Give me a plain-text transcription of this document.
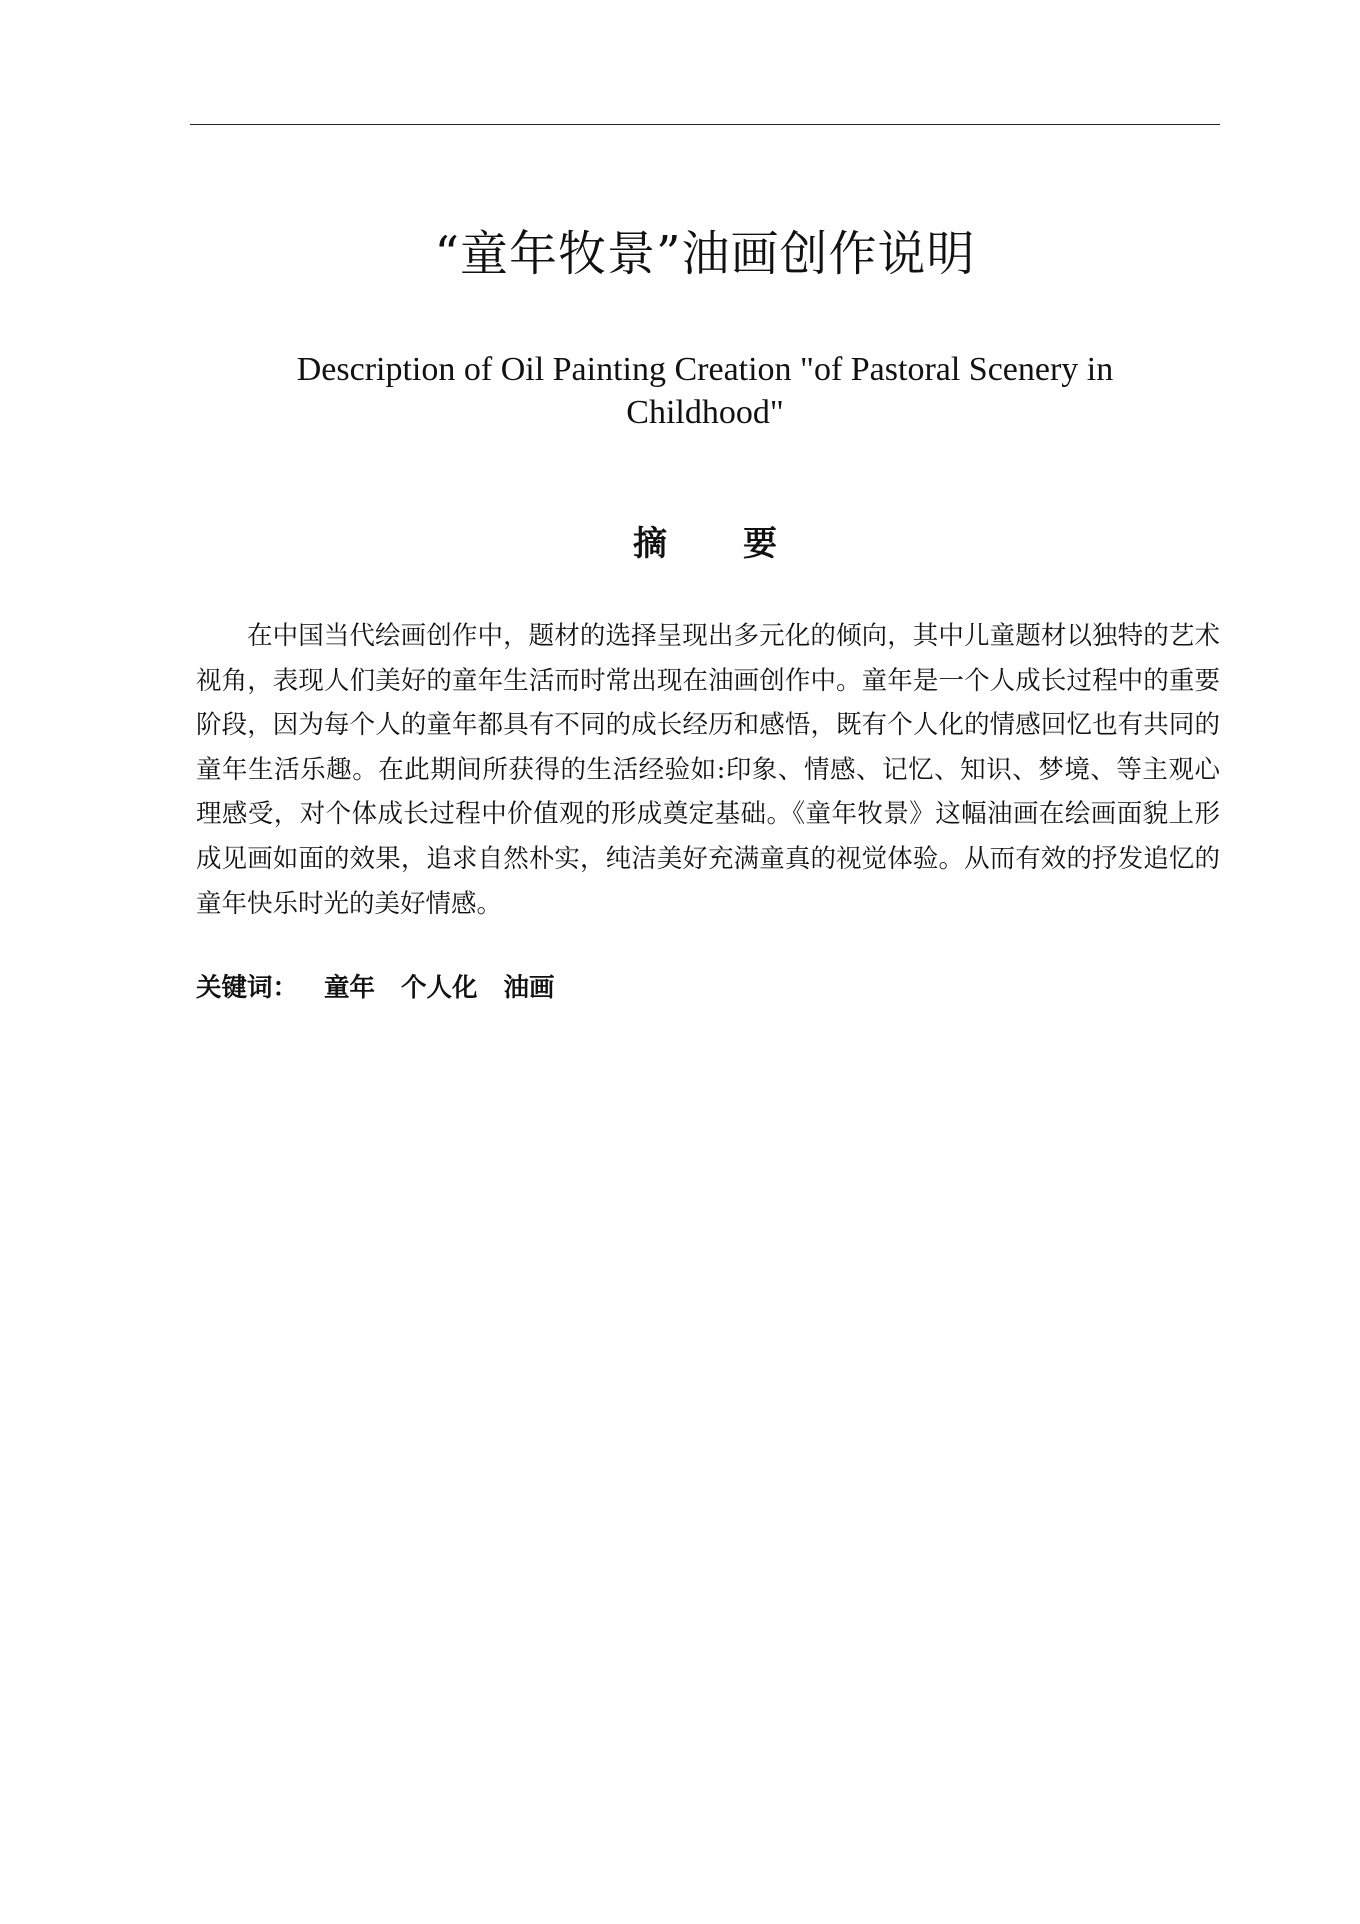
“童年牧景”油画创作说明
Description of Oil Painting Creation "of Pastoral Scenery in Childhood"
摘要

在中国当代绘画创作中，题材的选择呈现出多元化的倾向，其中儿童题材以独特的艺术视角，表现人们美好的童年生活而时常出现在油画创作中。童年是一个人成长过程中的重要阶段，因为每个人的童年都具有不同的成长经历和感悟，既有个人化的情感回忆也有共同的童年生活乐趣。在此期间所获得的生活经验如:印象、情感、记忆、知识、梦境、等主观心理感受，对个体成长过程中价值观的形成奠定基础。《童年牧景》这幅油画在绘画面貌上形成见画如面的效果，追求自然朴实，纯洁美好充满童真的视觉体验。从而有效的抒发追忆的童年快乐时光的美好情感。

关键词： 童年 个人化 油画
